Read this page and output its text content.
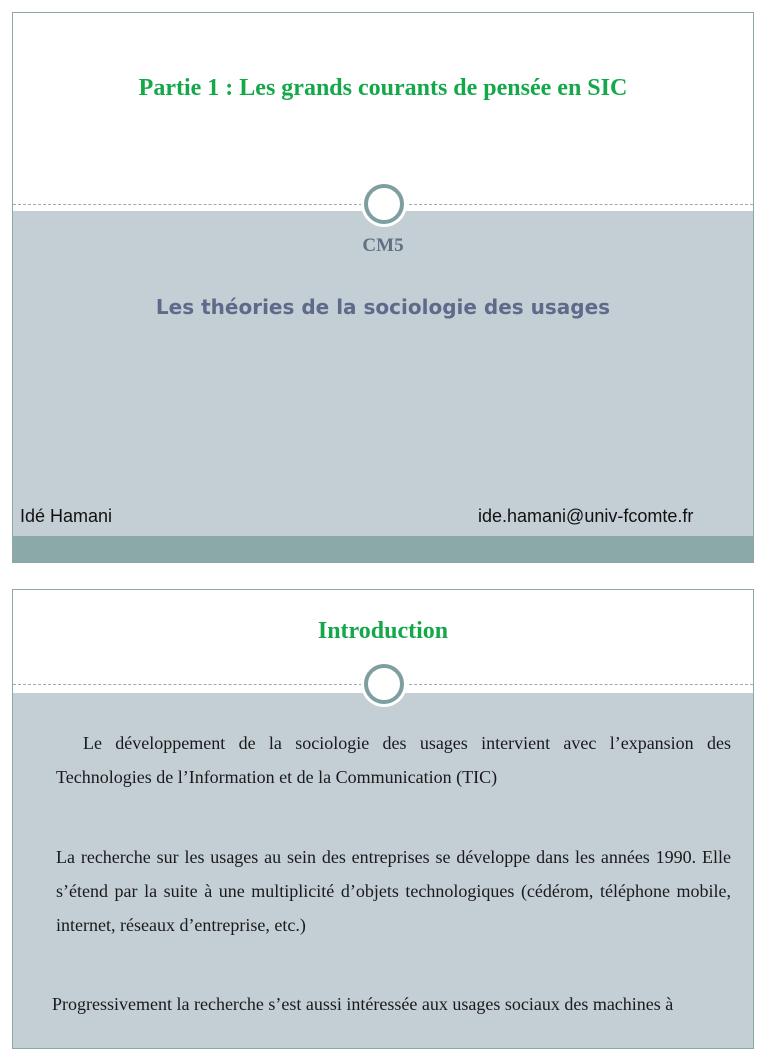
Partie 1 : Les grands courants de pensée en SIC
CM5
Les théories de la sociologie des usages
Idé Hamani	ide.hamani@univ-fcomte.fr
Introduction
Le développement de la sociologie des usages intervient avec l’expansion des Technologies de l’Information et de la Communication (TIC)
La recherche sur les usages au sein des entreprises se développe dans les années 1990. Elle s’étend par la suite à une multiplicité d’objets technologiques (cédérom, téléphone mobile, internet, réseaux d’entreprise, etc.)
Progressivement la recherche s’est aussi intéressée aux usages sociaux des machines à
